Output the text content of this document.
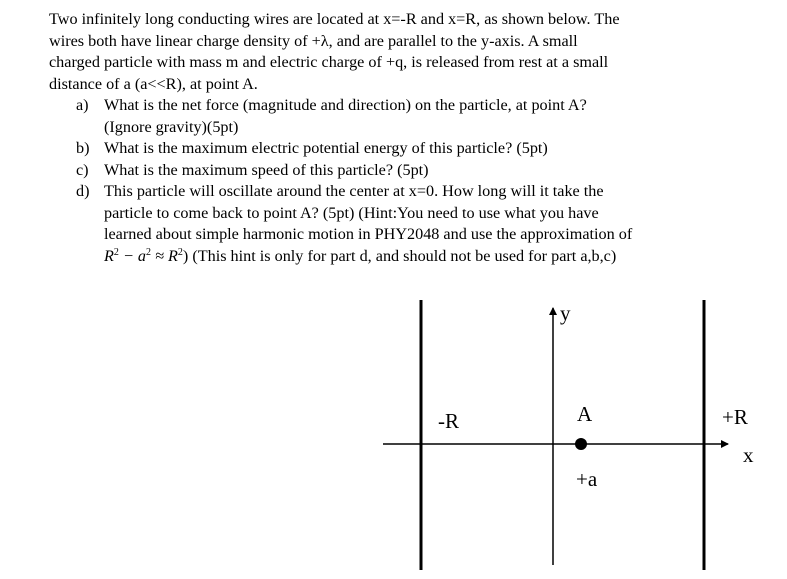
Two infinitely long conducting wires are located at x=-R and x=R, as shown below. The
wires both have linear charge density of +λ, and are parallel to the y-axis. A small
charged particle with mass m and electric charge of +q, is released from rest at a small
distance of a (a<<R), at point A.

a) What is the net force (magnitude and direction) on the particle, at point A?
(Ignore gravity)(5pt)
b) What is the maximum electric potential energy of this particle? (5pt)
c) What is the maximum speed of this particle? (5pt)
d) This particle will oscillate around the center at x=0. How long will it take the
particle to come back to point A? (5pt) (Hint:You need to use what you have
learned about simple harmonic motion in PHY2048 and use the approximation of
$R^2 - a^2 \approx R^2$) (This hint is only for part d, and should not be used for part a,b,c)
y
x
-R	+R
A
+a
